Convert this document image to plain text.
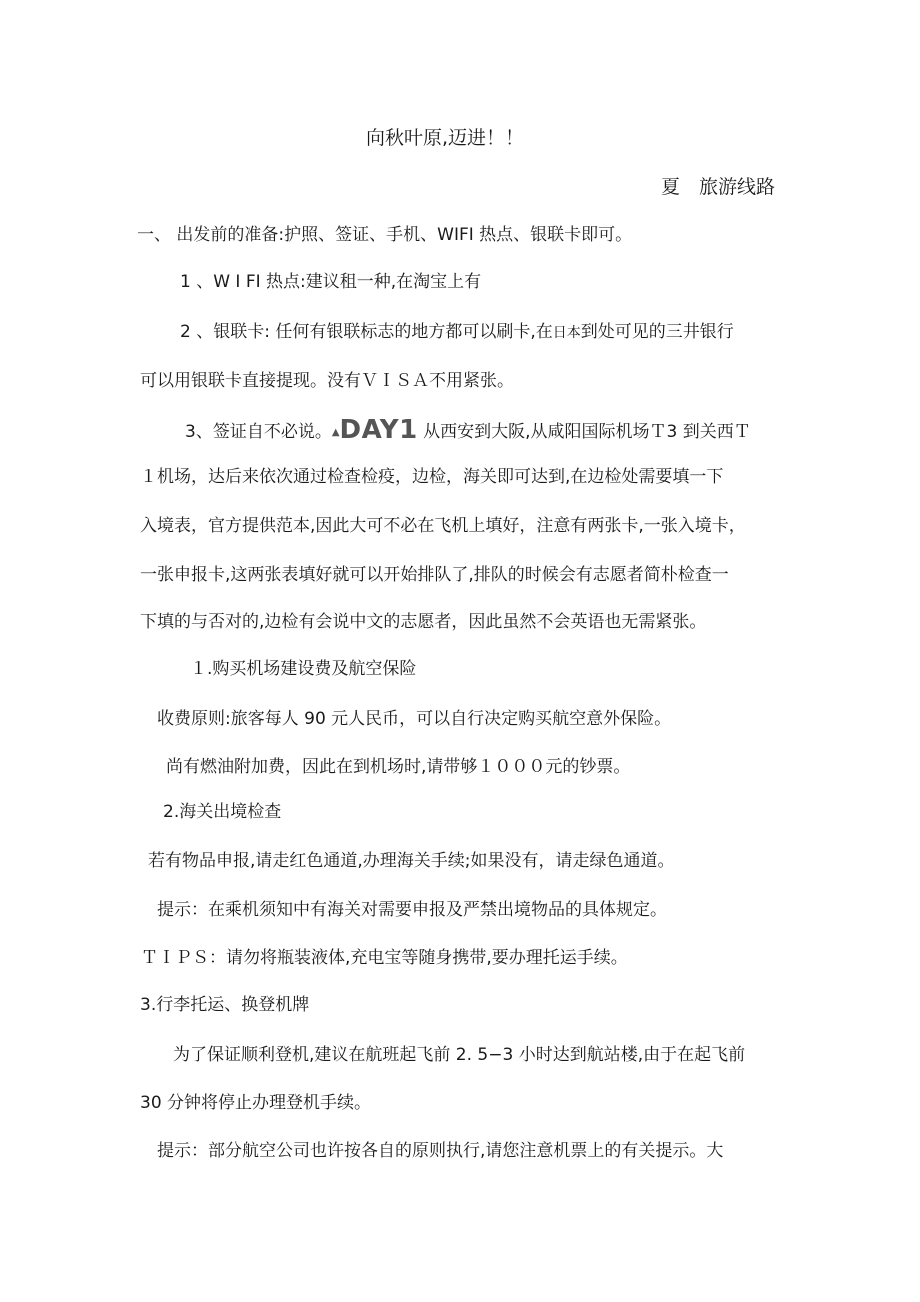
向秋叶原,迈进！！
夏　旅游线路
一、 出发前的准备:护照、签证、手机、WIFI 热点、银联卡即可。
1 、W I FI 热点:建议租一种,在淘宝上有
2 、银联卡: 任何有银联标志的地方都可以刷卡,在日本到处可见的三井银行
可以用银联卡直接提现。没有ＶＩＳＡ不用紧张。
3、签证自不必说。▲DAY1 从西安到大阪,从咸阳国际机场Ｔ3 到关西Ｔ
１机场，达后来依次通过检查检疫，边检，海关即可达到,在边检处需要填一下
入境表，官方提供范本,因此大可不必在飞机上填好，注意有两张卡,一张入境卡，
一张申报卡,这两张表填好就可以开始排队了,排队的时候会有志愿者简朴检查一
下填的与否对的,边检有会说中文的志愿者，因此虽然不会英语也无需紧张。
１.购买机场建设费及航空保险
收费原则:旅客每人 90 元人民币，可以自行决定购买航空意外保险。
尚有燃油附加费，因此在到机场时,请带够１０００元的钞票。
2.海关出境检查
若有物品申报,请走红色通道,办理海关手续;如果没有，请走绿色通道。
提示：在乘机须知中有海关对需要申报及严禁出境物品的具体规定。
ＴＩＰＳ：请勿将瓶装液体,充电宝等随身携带,要办理托运手续。
3.行李托运、换登机牌
为了保证顺利登机,建议在航班起飞前 2. 5−3 小时达到航站楼,由于在起飞前
30 分钟将停止办理登机手续。
提示：部分航空公司也许按各自的原则执行,请您注意机票上的有关提示。大
